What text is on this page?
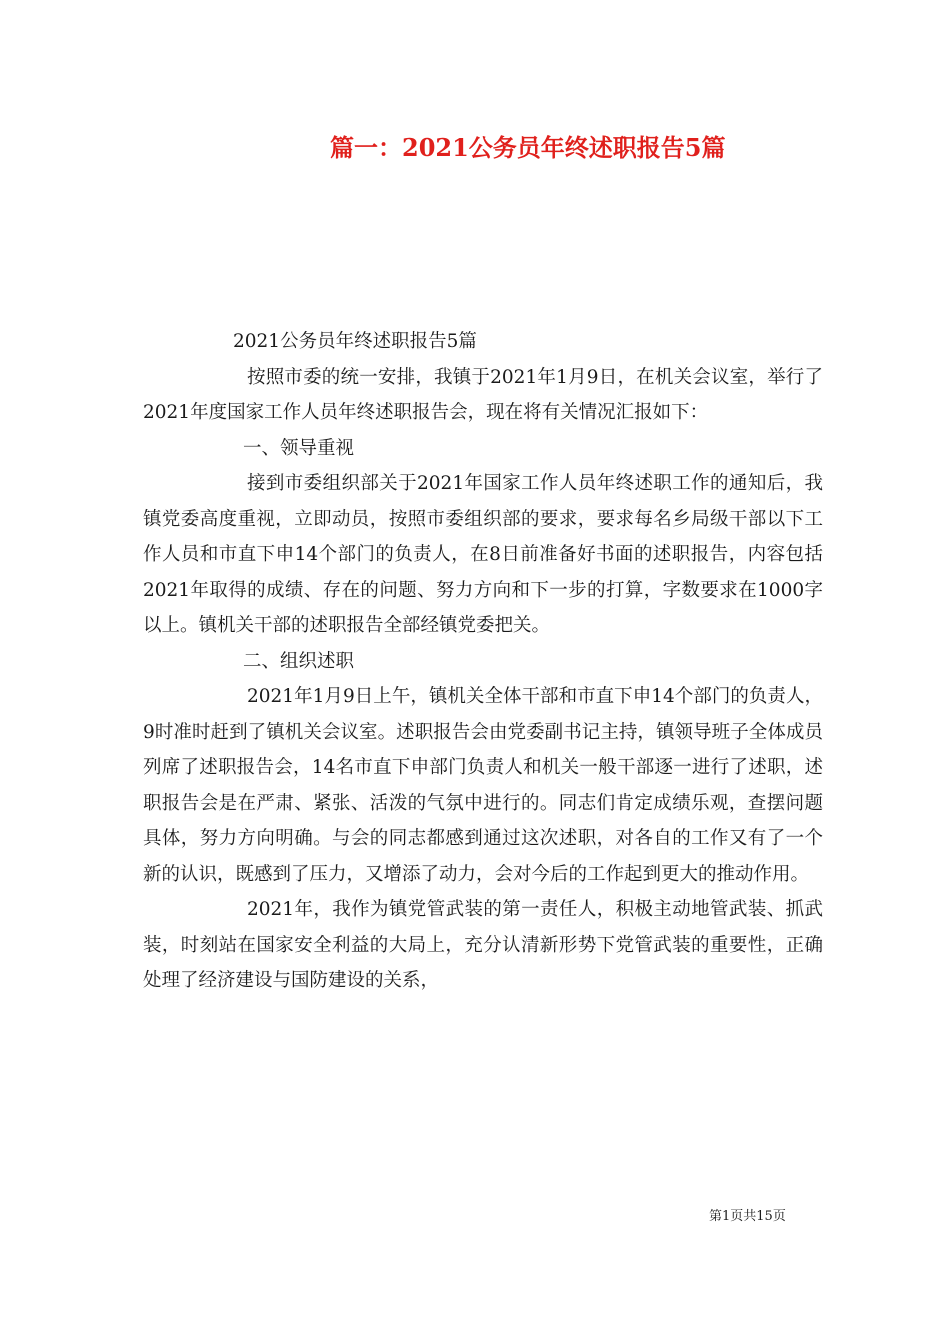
篇一：2021公务员年终述职报告5篇

2021公务员年终述职报告5篇

按照市委的统一安排，我镇于2021年1月9日，在机关会议室，举行了2021年度国家工作人员年终述职报告会，现在将有关情况汇报如下：

一、领导重视

接到市委组织部关于2021年国家工作人员年终述职工作的通知后，我镇党委高度重视，立即动员，按照市委组织部的要求，要求每名乡局级干部以下工作人员和市直下申14个部门的负责人，在8日前准备好书面的述职报告，内容包括2021年取得的成绩、存在的问题、努力方向和下一步的打算，字数要求在1000字以上。镇机关干部的述职报告全部经镇党委把关。

二、组织述职

2021年1月9日上午，镇机关全体干部和市直下申14个部门的负责人，9时准时赶到了镇机关会议室。述职报告会由党委副书记主持，镇领导班子全体成员列席了述职报告会，14名市直下申部门负责人和机关一般干部逐一进行了述职，述职报告会是在严肃、紧张、活泼的气氛中进行的。同志们肯定成绩乐观，查摆问题具体，努力方向明确。与会的同志都感到通过这次述职，对各自的工作又有了一个新的认识，既感到了压力，又增添了动力，会对今后的工作起到更大的推动作用。

2021年，我作为镇党管武装的第一责任人，积极主动地管武装、抓武装，时刻站在国家安全利益的大局上，充分认清新形势下党管武装的重要性，正确处理了经济建设与国防建设的关系，

第1页共15页
